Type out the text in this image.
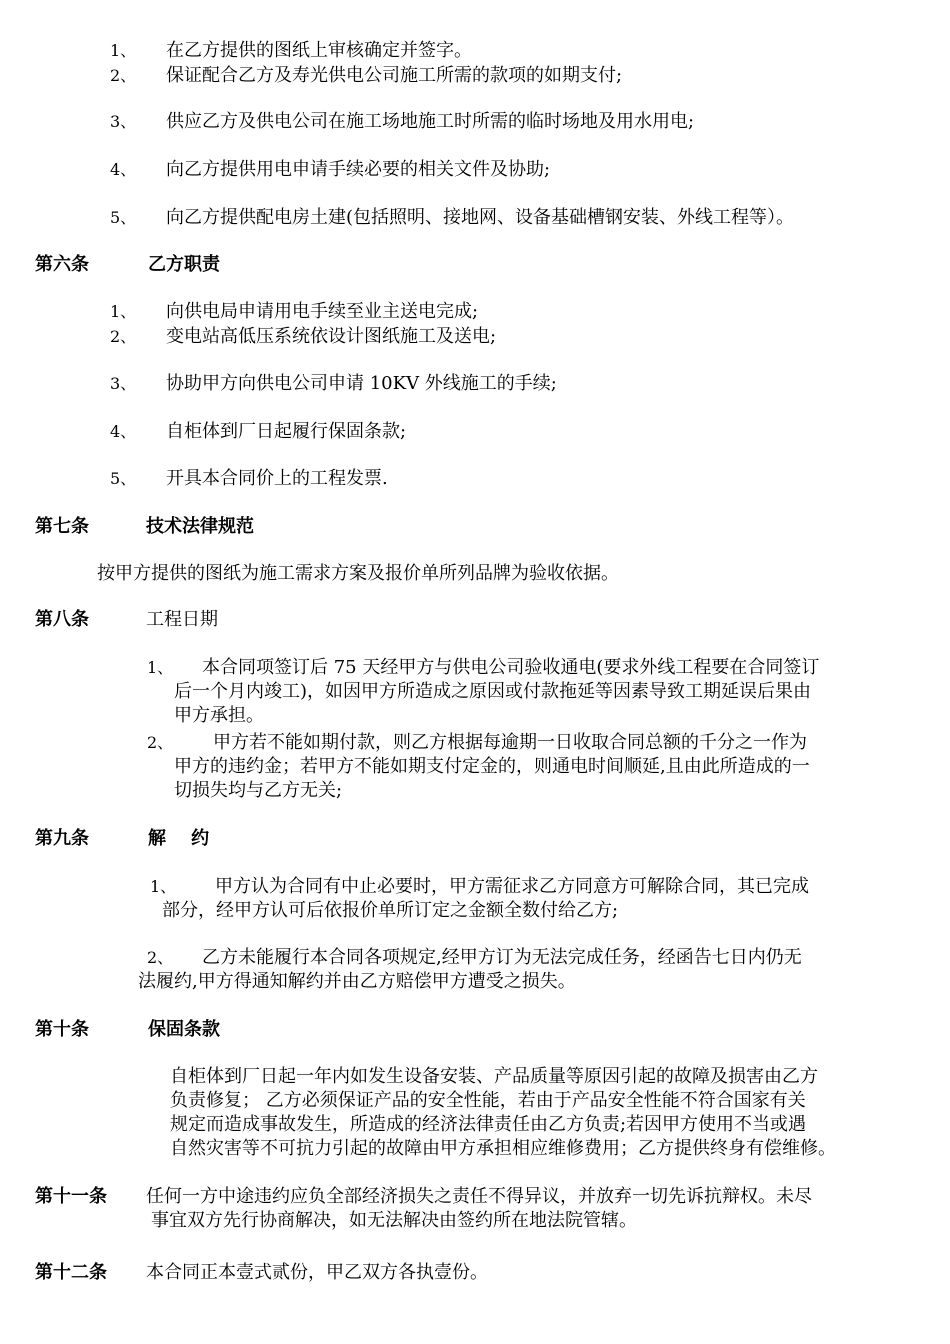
1、 在乙方提供的图纸上审核确定并签字。
2、 保证配合乙方及寿光供电公司施工所需的款项的如期支付;
3、 供应乙方及供电公司在施工场地施工时所需的临时场地及用水用电;
4、 向乙方提供用电申请手续必要的相关文件及协助;
5、 向乙方提供配电房土建(包括照明、接地网、设备基础槽钢安装、外线工程等）。
第六条	乙方职责
1、 向供电局申请用电手续至业主送电完成;
2、 变电站高低压系统依设计图纸施工及送电;
3、 协助甲方向供电公司申请 10KV 外线施工的手续;
4、 自柜体到厂日起履行保固条款;
5、 开具本合同价上的工程发票.
第七条	技术法律规范
按甲方提供的图纸为施工需求方案及报价单所列品牌为验收依据。
第八条	工程日期
1、 本合同项签订后 75 天经甲方与供电公司验收通电(要求外线工程要在合同签订
后一个月内竣工)，如因甲方所造成之原因或付款拖延等因素导致工期延误后果由
甲方承担。
2、 甲方若不能如期付款，则乙方根据每逾期一日收取合同总额的千分之一作为
甲方的违约金；若甲方不能如期支付定金的，则通电时间顺延,且由此所造成的一
切损失均与乙方无关;
第九条	解    约
1、 甲方认为合同有中止必要时，甲方需征求乙方同意方可解除合同，其已完成
部分，经甲方认可后依报价单所订定之金额全数付给乙方;
2、 乙方未能履行本合同各项规定,经甲方订为无法完成任务，经函告七日内仍无
法履约,甲方得通知解约并由乙方赔偿甲方遭受之损失。
第十条	保固条款
自柜体到厂日起一年内如发生设备安装、产品质量等原因引起的故障及损害由乙方
负责修复； 乙方必须保证产品的安全性能，若由于产品安全性能不符合国家有关
规定而造成事故发生，所造成的经济法律责任由乙方负责;若因甲方使用不当或遇
自然灾害等不可抗力引起的故障由甲方承担相应维修费用；乙方提供终身有偿维修。
第十一条 任何一方中途违约应负全部经济损失之责任不得异议，并放弃一切先诉抗辩权。未尽
事宜双方先行协商解决，如无法解决由签约所在地法院管辖。
第十二条 本合同正本壹式贰份，甲乙双方各执壹份。
